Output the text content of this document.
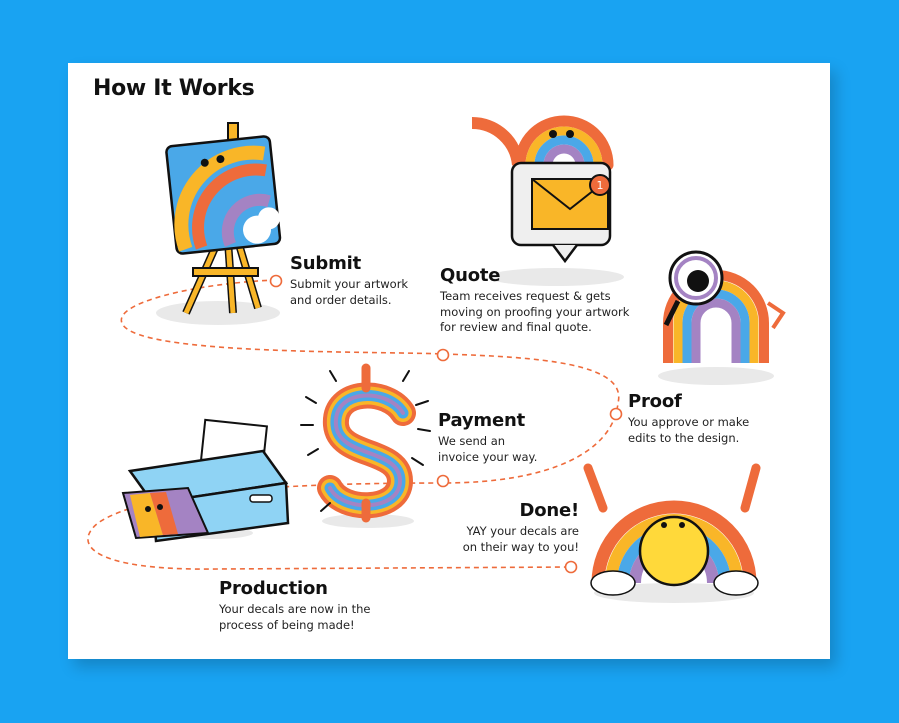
How It Works
1
Submit

Submit your artwork

and order details.

Quote

Team receives request & gets

moving on proofing your artwork

for review and final quote.

Proof

You approve or make

edits to the design.

Payment

We send an

invoice your way.

Done!

YAY your decals are

on their way to you!

Production

Your decals are now in the

process of being made!
